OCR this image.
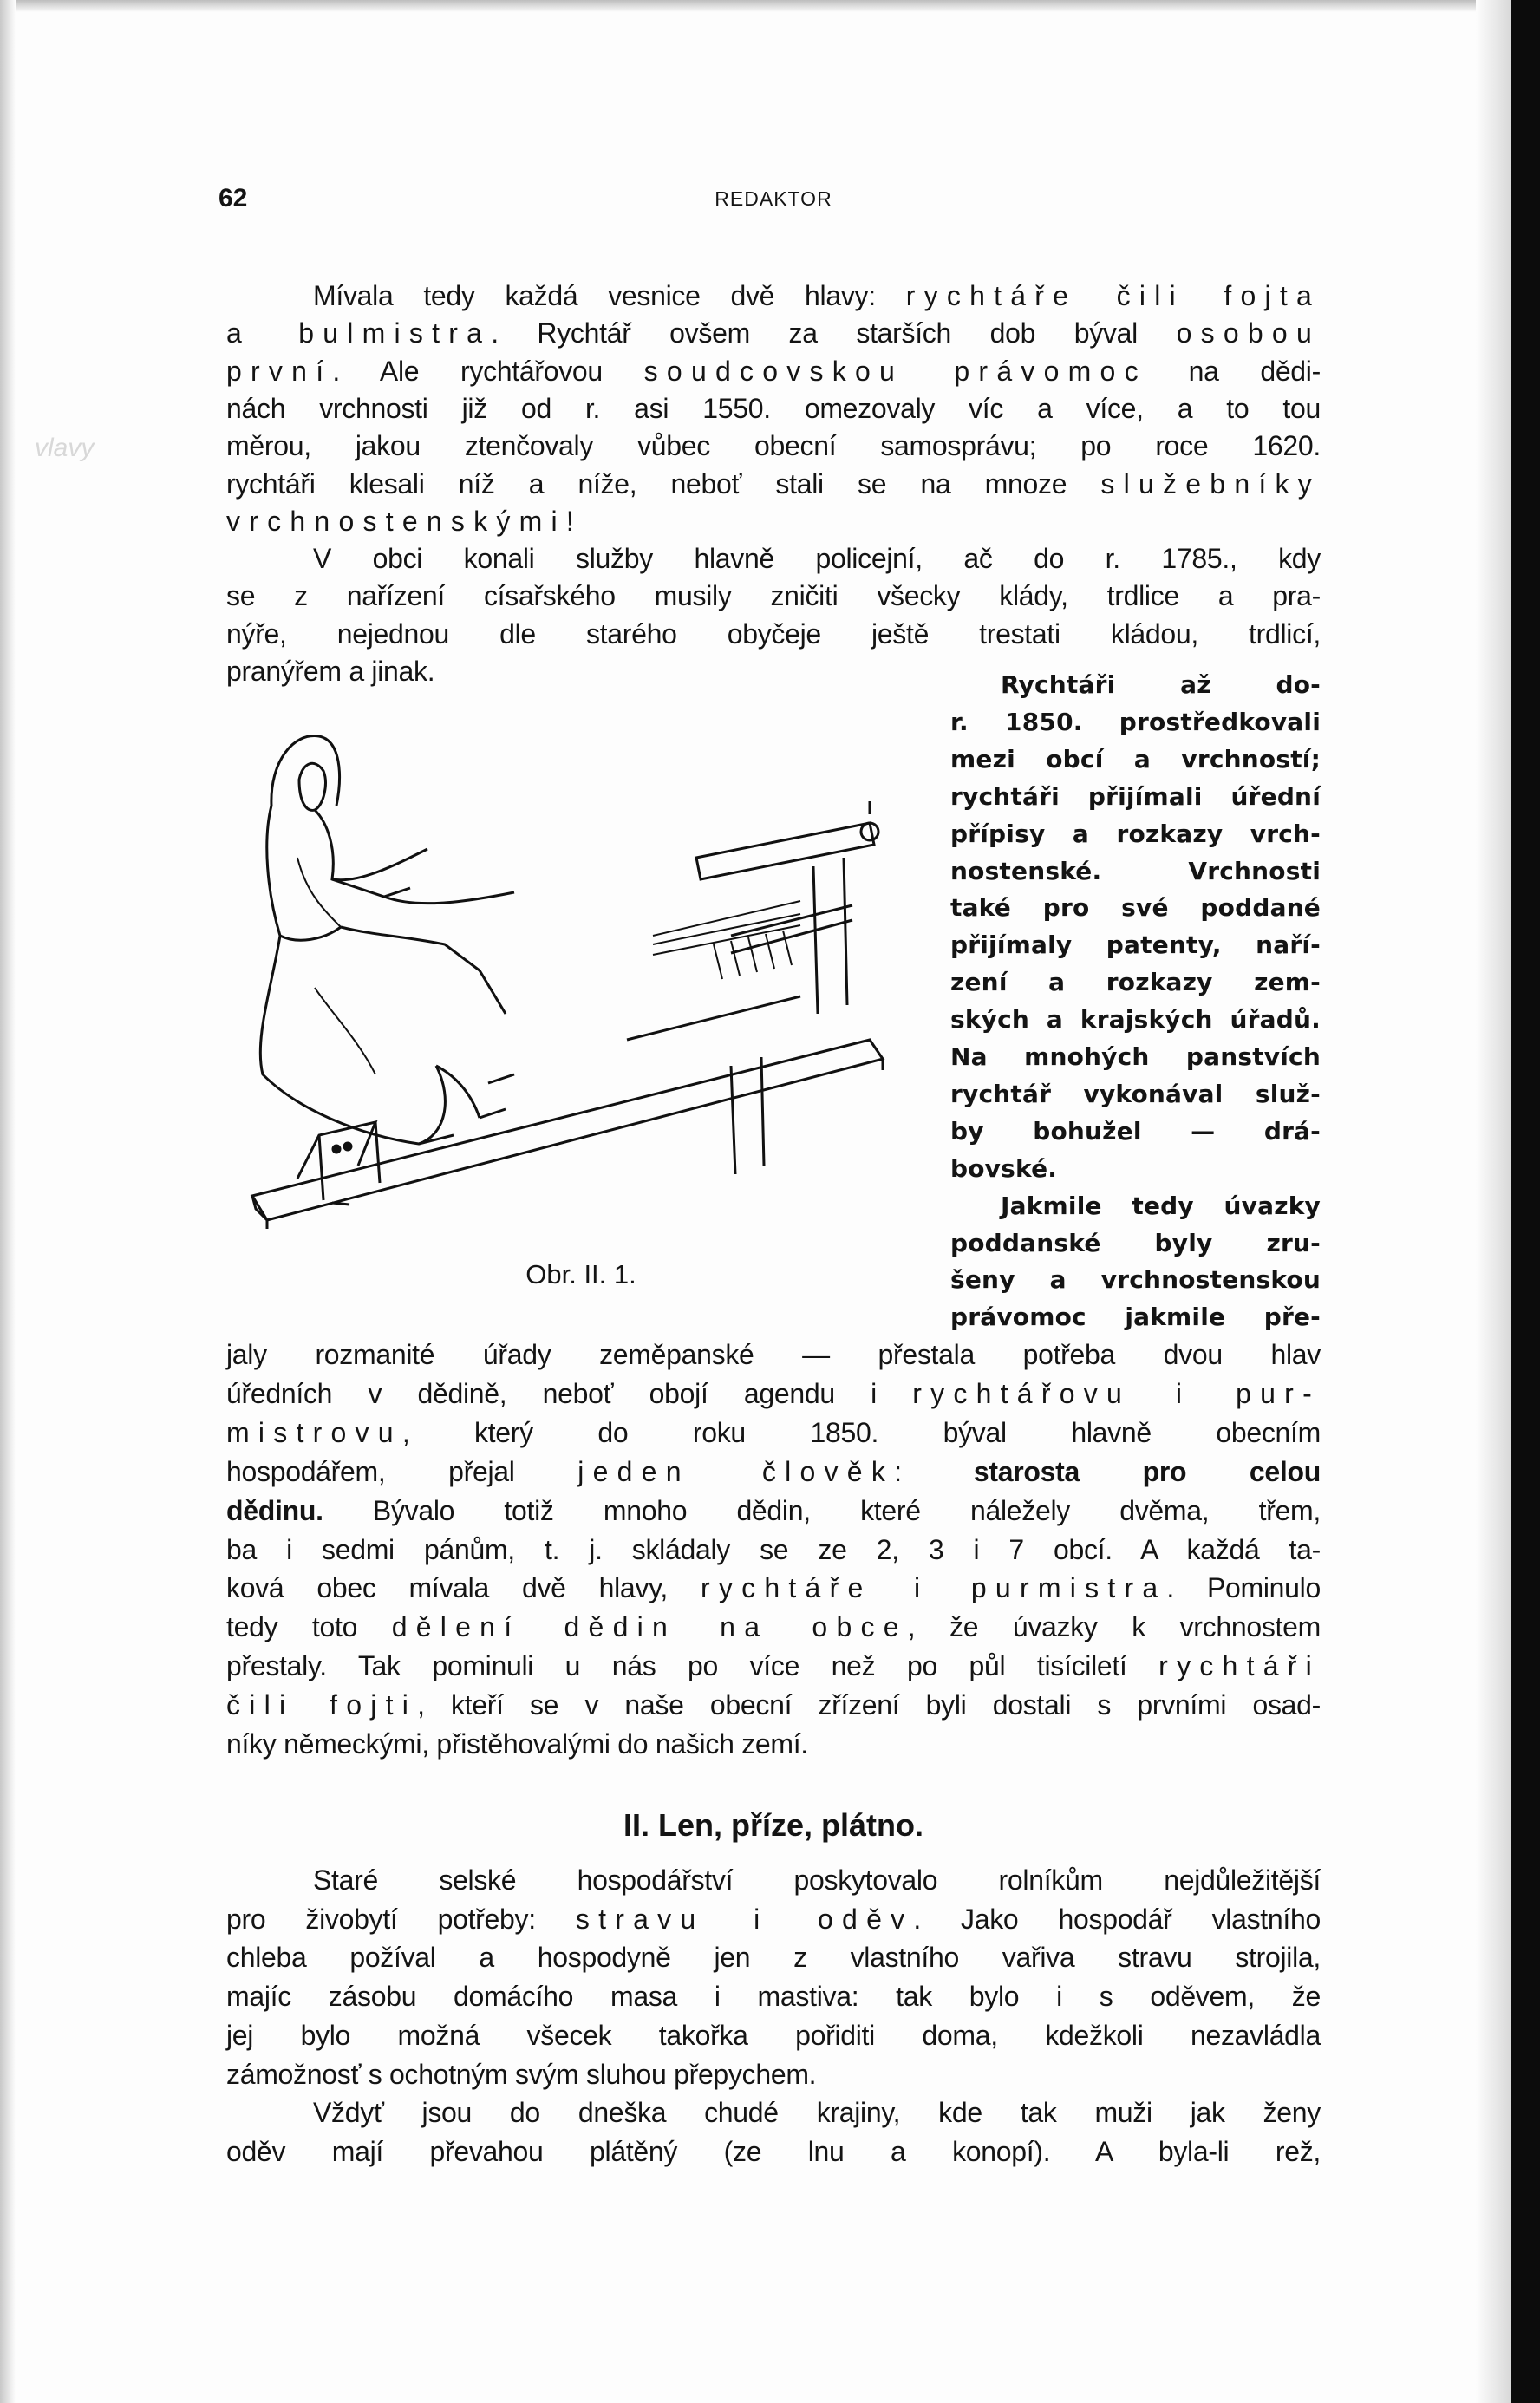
vlavy
62	REDAKTOR
Mívala tedy každá vesnice dvě hlavy: rychtáře čili fojta
a bulmistra. Rychtář ovšem za starších dob býval osobou
první. Ale rychtářovou soudcovskou právomoc na dědi-
nách vrchnosti již od r. asi 1550. omezovaly víc a více, a to tou
měrou, jakou ztenčovaly vůbec obecní samosprávu; po roce 1620.
rychtáři klesali níž a níže, neboť stali se na mnoze služebníky
vrchnostenskými!
V obci konali služby hlavně policejní, ač do r. 1785., kdy
se z nařízení císařského musily zničiti všecky klády, trdlice a pra-
nýře, nejednou dle starého obyčeje ještě trestati kládou, trdlicí,
pranýřem a jinak.	Rychtáři až do-
r. 1850. prostředkovali
mezi obcí a vrchností;
rychtáři přijímali úřední
přípisy a rozkazy vrch-
nostenské. Vrchnosti
také pro své poddané
přijímaly patenty, naří-
zení a rozkazy zem-
ských a krajských úřadů.
Na mnohých panstvích
rychtář vykonával služ-
by bohužel — drá-
bovské.
Jakmile tedy úvazky
poddanské byly zru-
šeny a vrchnostenskou
právomoc jakmile pře-
jaly rozmanité úřady zeměpanské — přestala potřeba dvou hlav
úředních v dědině, neboť obojí agendu i rychtářovu i pur-
mistrovu, který do roku 1850. býval hlavně obecním
hospodářem, přejal jeden člověk: starosta pro celou
dědinu. Bývalo totiž mnoho dědin, které náležely dvěma, třem,
ba i sedmi pánům, t. j. skládaly se ze 2, 3 i 7 obcí. A každá ta-
ková obec mívala dvě hlavy, rychtáře i purmistra. Pominulo
tedy toto dělení dědin na obce, že úvazky k vrchnostem
přestaly. Tak pominuli u nás po více než po půl tisíciletí rychtáři
čili fojti, kteří se v naše obecní zřízení byli dostali s prvními osad-
níky německými, přistěhovalými do našich zemí.
II. Len, příze, plátno.
Staré selské hospodářství poskytovalo rolníkům nejdůležitější
pro živobytí potřeby: stravu i oděv. Jako hospodář vlastního
chleba požíval a hospodyně jen z vlastního vařiva stravu strojila,
majíc zásobu domácího masa i mastiva: tak bylo i s oděvem, že
jej bylo možná všecek takořka pořiditi doma, kdežkoli nezavládla
zámožnosť s ochotným svým sluhou přepychem.
Vždyť jsou do dneška chudé krajiny, kde tak muži jak ženy
oděv mají převahou plátěný (ze lnu a konopí). A byla-li rež,
Obr. II. 1.
